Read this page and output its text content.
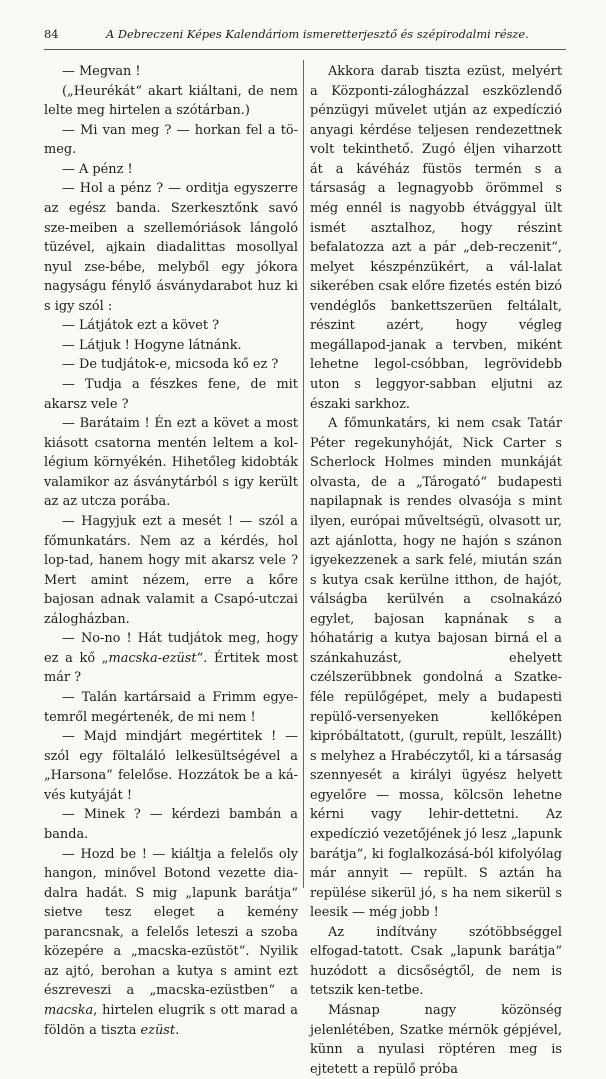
84	A Debreczeni Képes Kalendáriom ismeretterjesztő és szépirodalmi része.

— Megvan !

(„Heurékát“ akart kiáltani, de nem lelte meg hirtelen a szótárban.)

— Mi van meg ? — horkan fel a tö-meg.

— A pénz !

— Hol a pénz ? — orditja egyszerre az egész banda. Szerkesztőnk savó sze-meiben a szellemóriások lángoló tüzével, ajkain diadalittas mosollyal nyul zse-bébe, melyből egy jókora nagyságu fénylő ásványdarabot huz ki s igy szól :

— Látjátok ezt a követ ?

— Látjuk ! Hogyne látnánk.

— De tudjátok-e, micsoda kő ez ?

— Tudja a fészkes fene, de mit akarsz vele ?

— Barátaim ! Én ezt a követ a most kiásott csatorna mentén leltem a kol-légium környékén. Hihetőleg kidobták valamikor az ásványtárból s igy került az az utcza porába.

— Hagyjuk ezt a mesét ! — szól a főmunkatárs. Nem az a kérdés, hol lop-tad, hanem hogy mit akarsz vele ? Mert amint nézem, erre a kőre bajosan adnak valamit a Csapó-utczai zálogházban.

— No-no ! Hát tudjátok meg, hogy ez a kő „macska-ezüst“. Értitek most már ?

— Talán kartársaid a Frimm egye-temről megértenék, de mi nem !

— Majd mindjárt megértitek ! — szól egy föltaláló lelkesültségével a „Harsona“ felelőse. Hozzátok be a ká-vés kutyáját !

— Minek ? — kérdezi bambán a banda.

— Hozd be ! — kiáltja a felelős oly hangon, minővel Botond vezette dia-dalra hadát. S mig „lapunk barátja“ sietve tesz eleget a kemény parancsnak, a felelős leteszi a szoba közepére a „macska-ezüstöt“. Nyilik az ajtó, berohan a kutya s amint ezt észreveszi a „macska-ezüstben“ a macska, hirtelen elugrik s ott marad a földön a tiszta ezüst.

Akkora darab tiszta ezüst, melyért a Központi-zálogházzal eszközlendő pénzügyi művelet utján az expedíczió anyagi kérdése teljesen rendezettnek volt tekinthető. Zugó éljen viharzott át a kávéház füstös termén s a társaság a legnagyobb örömmel s még ennél is nagyobb étvággyal ült ismét asztalhoz, hogy részint befalatozza azt a pár „deb-reczenit“, melyet készpénzükért, a vál-lalat sikerében csak előre fizetés estén bizó vendéglős bankettszerüen feltálalt, részint azért, hogy végleg megállapod-janak a tervben, miként lehetne legol-csóbban, legrövidebb uton s leggyor-sabban eljutni az északi sarkhoz.

A főmunkatárs, ki nem csak Tatár Péter regekunyhóját, Nick Carter s Scherlock Holmes minden munkáját olvasta, de a „Tárogató“ budapesti napilapnak is rendes olvasója s mint ilyen, európai műveltségü, olvasott ur, azt ajánlotta, hogy ne hajón s szánon igyekezzenek a sark felé, miután szán s kutya csak kerülne itthon, de hajót, válságba kerülvén a csolnakázó egylet, bajosan kapnának s a hóhatárig a kutya bajosan birná el a szánkahuzást, ehelyett czélszerübbnek gondolná a Szatke-féle repülőgépet, mely a budapesti repülő-versenyeken kellőképen kipróbáltatott, (gurult, repült, leszállt) s melyhez a Hrabéczytől, ki a társaság szennyesét a királyi ügyész helyett egyelőre — mossa, kölcsön lehetne kérni vagy lehir-dettetni. Az expedíczió vezetőjének jó lesz „lapunk barátja“, ki foglalkozásá-ból kifolyólag már annyit — repült. S aztán ha repülése sikerül jó, s ha nem sikerül s leesik — még jobb !

Az indítvány szótöbbséggel elfogad-tatott. Csak „lapunk barátja“ huzódott a dicsőségtől, de nem is tetszik ken-tetbe.

Másnap nagy közönség jelenlétében, Szatke mérnök gépjével, künn a nyulasi röptéren meg is ejtetett a repülő próba
